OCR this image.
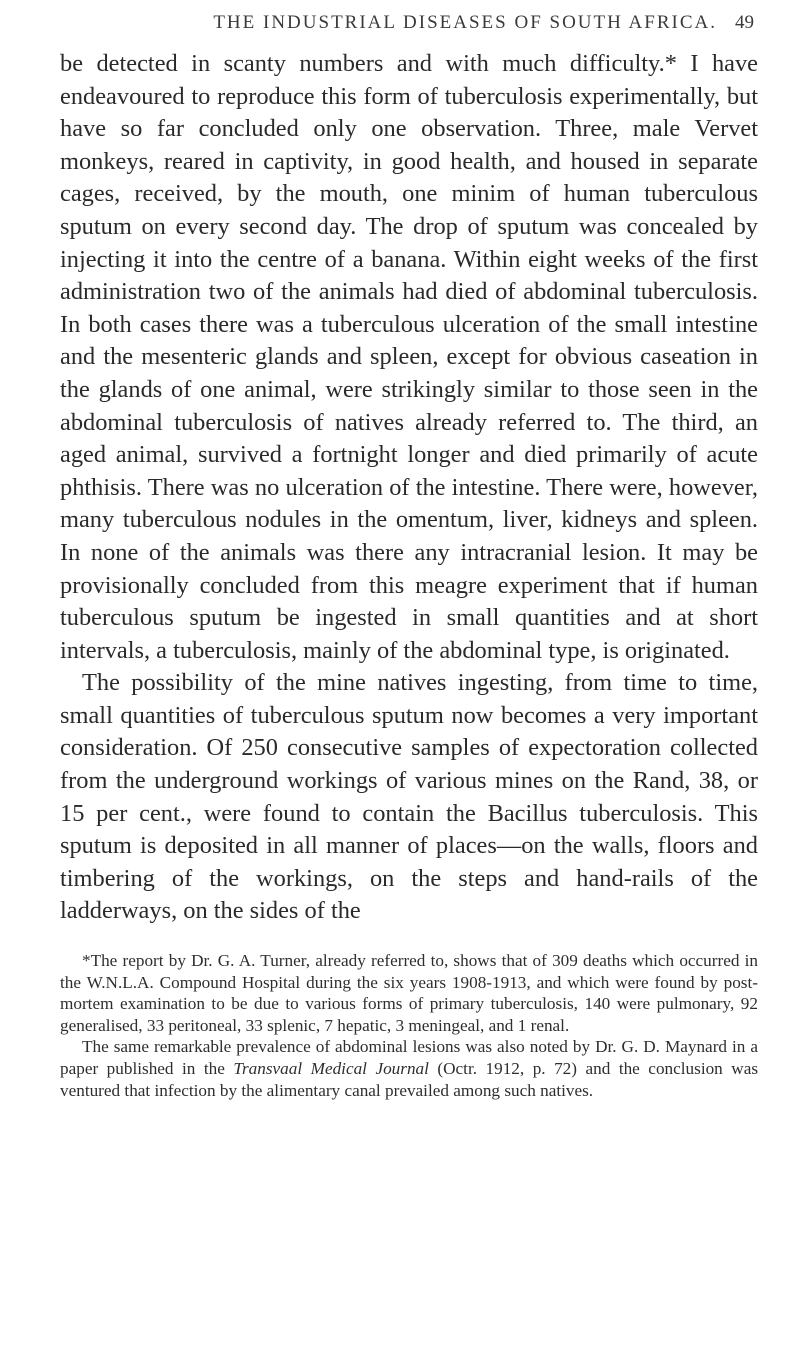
THE INDUSTRIAL DISEASES OF SOUTH AFRICA. 49

be detected in scanty numbers and with much difficulty.* I have endeavoured to reproduce this form of tuberculosis experimentally, but have so far concluded only one observation. Three, male Vervet monkeys, reared in captivity, in good health, and housed in separate cages, received, by the mouth, one minim of human tuberculous sputum on every second day. The drop of sputum was concealed by injecting it into the centre of a banana. Within eight weeks of the first administration two of the animals had died of abdominal tuberculosis. In both cases there was a tuberculous ulceration of the small intestine and the mesenteric glands and spleen, except for obvious caseation in the glands of one animal, were strikingly similar to those seen in the abdominal tuberculosis of natives already referred to. The third, an aged animal, survived a fortnight longer and died primarily of acute phthisis. There was no ulceration of the intestine. There were, however, many tuberculous nodules in the omentum, liver, kidneys and spleen. In none of the animals was there any intracranial lesion. It may be provisionally concluded from this meagre experiment that if human tuberculous sputum be ingested in small quantities and at short intervals, a tuberculosis, mainly of the abdominal type, is originated.

The possibility of the mine natives ingesting, from time to time, small quantities of tuberculous sputum now becomes a very important consideration. Of 250 consecutive samples of expectoration collected from the underground workings of various mines on the Rand, 38, or 15 per cent., were found to contain the Bacillus tuberculosis. This sputum is deposited in all manner of places—on the walls, floors and timbering of the workings, on the steps and hand-rails of the ladderways, on the sides of the

*The report by Dr. G. A. Turner, already referred to, shows that of 309 deaths which occurred in the W.N.L.A. Compound Hospital during the six years 1908-1913, and which were found by post-mortem examination to be due to various forms of primary tuberculosis, 140 were pulmonary, 92 generalised, 33 peritoneal, 33 splenic, 7 hepatic, 3 meningeal, and 1 renal.

The same remarkable prevalence of abdominal lesions was also noted by Dr. G. D. Maynard in a paper published in the Transvaal Medical Journal (Octr. 1912, p. 72) and the conclusion was ventured that infection by the alimentary canal prevailed among such natives.
